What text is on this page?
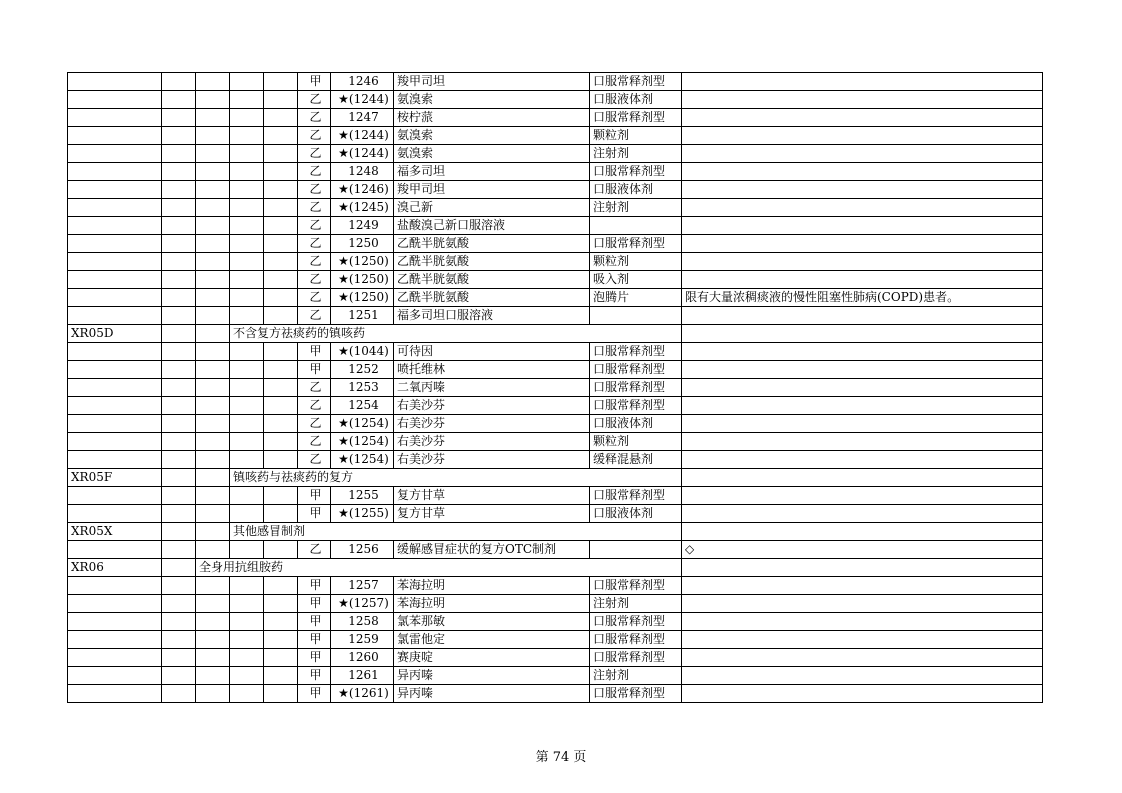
					甲	1246	羧甲司坦	口服常释剂型		
					乙	★(1244)	氨溴索	口服液体剂		
					乙	1247	桉柠蒎	口服常释剂型		
					乙	★(1244)	氨溴索	颗粒剂		
					乙	★(1244)	氨溴索	注射剂		
					乙	1248	福多司坦	口服常释剂型		
					乙	★(1246)	羧甲司坦	口服液体剂		
					乙	★(1245)	溴己新	注射剂		
					乙	1249	盐酸溴己新口服溶液			
					乙	1250	乙酰半胱氨酸	口服常释剂型		
					乙	★(1250)	乙酰半胱氨酸	颗粒剂		
					乙	★(1250)	乙酰半胱氨酸	吸入剂		
					乙	★(1250)	乙酰半胱氨酸	泡腾片	限有大量浓稠痰液的慢性阻塞性肺病(COPD)患者。	
					乙	1251	福多司坦口服溶液			
XR05D			不含复方祛痰药的镇咳药							
					甲	★(1044)	可待因	口服常释剂型		
					甲	1252	喷托维林	口服常释剂型		
					乙	1253	二氧丙嗪	口服常释剂型		
					乙	1254	右美沙芬	口服常释剂型		
					乙	★(1254)	右美沙芬	口服液体剂		
					乙	★(1254)	右美沙芬	颗粒剂		
					乙	★(1254)	右美沙芬	缓释混悬剂		
XR05F			镇咳药与祛痰药的复方							
					甲	1255	复方甘草	口服常释剂型		
					甲	★(1255)	复方甘草	口服液体剂		
XR05X			其他感冒制剂							
					乙	1256	缓解感冒症状的复方OTC制剂		◇	
XR06		全身用抗组胺药								
					甲	1257	苯海拉明	口服常释剂型		
					甲	★(1257)	苯海拉明	注射剂		
					甲	1258	氯苯那敏	口服常释剂型		
					甲	1259	氯雷他定	口服常释剂型		
					甲	1260	赛庚啶	口服常释剂型		
					甲	1261	异丙嗪	注射剂		
					甲	★(1261)	异丙嗪	口服常释剂型		
第 74 页
